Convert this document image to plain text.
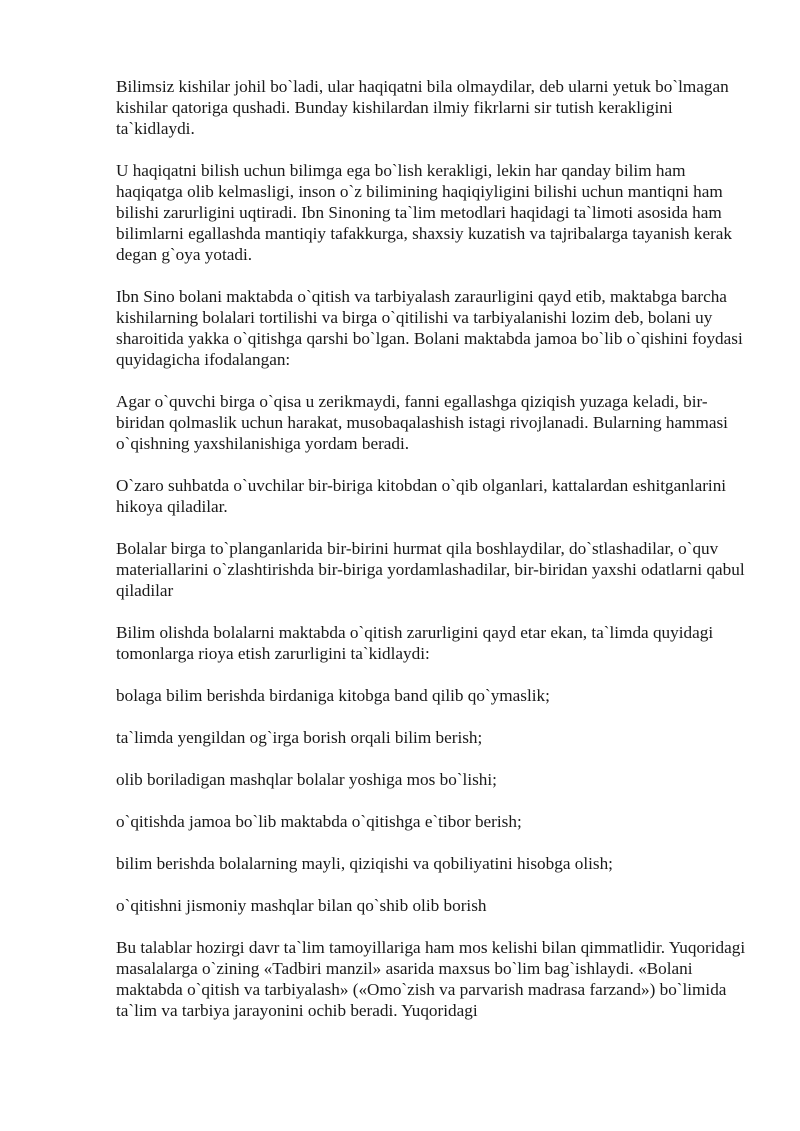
Bilimsiz kishilar johil bo`ladi, ular haqiqatni bila olmaydilar, deb ularni yetuk bo`lmagan kishilar qatoriga qushadi. Bunday kishilardan ilmiy fikrlarni sir tutish kerakligini ta`kidlaydi.

U haqiqatni bilish uchun bilimga ega bo`lish kerakligi, lekin har qanday bilim ham haqiqatga olib kelmasligi, inson o`z bilimining haqiqiyligini bilishi uchun mantiqni ham bilishi zarurligini uqtiradi. Ibn Sinoning ta`lim metodlari haqidagi ta`limoti asosida ham bilimlarni egallashda mantiqiy tafakkurga, shaxsiy kuzatish va tajribalarga tayanish kerak degan g`oya yotadi.

Ibn Sino bolani maktabda o`qitish va tarbiyalash zaraurligini qayd etib, maktabga barcha kishilarning bolalari tortilishi va birga o`qitilishi va tarbiyalanishi lozim deb, bolani uy sharoitida yakka o`qitishga qarshi bo`lgan. Bolani maktabda jamoa bo`lib o`qishini foydasi quyidagicha ifodalangan:

Agar o`quvchi birga o`qisa u zerikmaydi, fanni egallashga qiziqish yuzaga keladi, bir-biridan qolmaslik uchun harakat, musobaqalashish istagi rivojlanadi. Bularning hammasi o`qishning yaxshilanishiga yordam beradi.

O`zaro suhbatda o`uvchilar bir-biriga kitobdan o`qib olganlari, kattalardan eshitganlarini hikoya qiladilar.

Bolalar birga to`planganlarida bir-birini hurmat qila boshlaydilar, do`stlashadilar, o`quv materiallarini o`zlashtirishda bir-biriga yordamlashadilar, bir-biridan yaxshi odatlarni qabul qiladilar

Bilim olishda bolalarni maktabda o`qitish zarurligini qayd etar ekan, ta`limda quyidagi tomonlarga rioya etish zarurligini ta`kidlaydi:

bolaga bilim berishda birdaniga kitobga band qilib qo`ymaslik;

ta`limda yengildan og`irga borish orqali bilim berish;

olib boriladigan mashqlar bolalar yoshiga mos bo`lishi;

o`qitishda jamoa bo`lib maktabda o`qitishga e`tibor berish;

bilim berishda bolalarning mayli, qiziqishi va qobiliyatini hisobga olish;

o`qitishni jismoniy mashqlar bilan qo`shib olib borish

Bu talablar hozirgi davr ta`lim tamoyillariga ham mos kelishi bilan qimmatlidir. Yuqoridagi masalalarga o`zining «Tadbiri manzil» asarida maxsus bo`lim bag`ishlaydi. «Bolani maktabda o`qitish va tarbiyalash» («Omo`zish va parvarish madrasa farzand») bo`limida ta`lim va tarbiya jarayonini ochib beradi. Yuqoridagi
